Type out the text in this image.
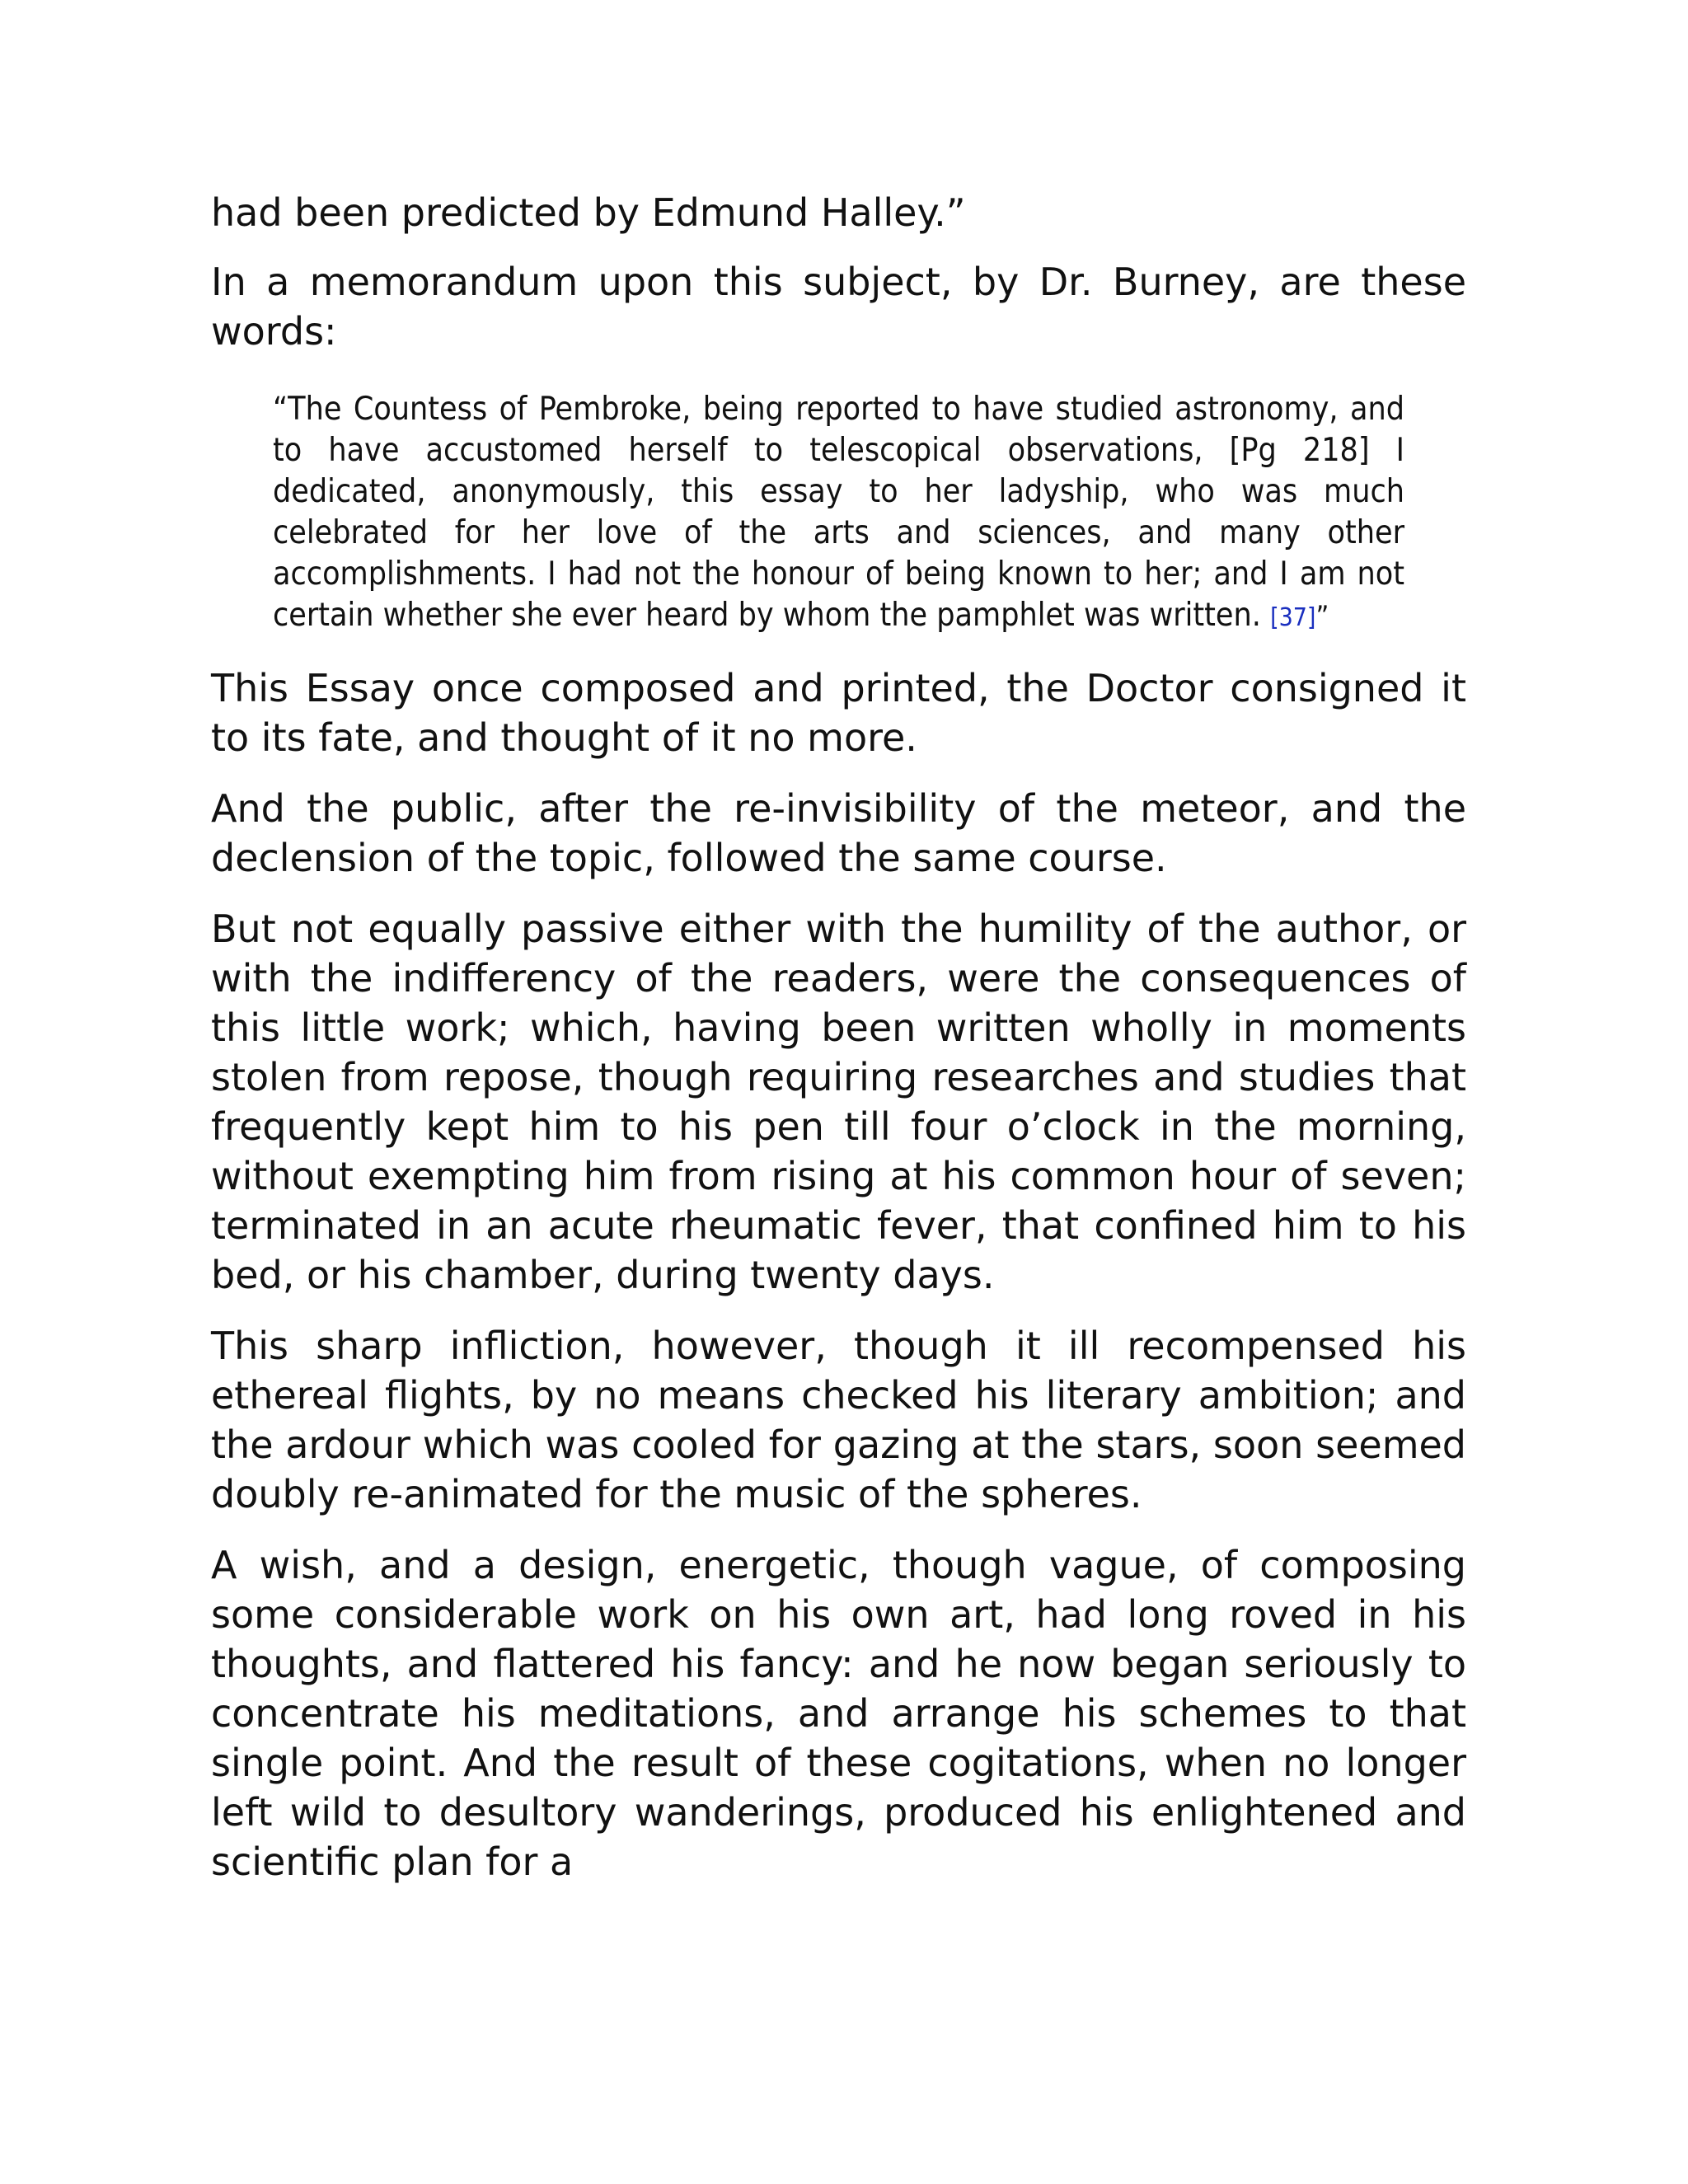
had been predicted by Edmund Halley.”

In a memorandum upon this subject, by Dr. Burney, are these words:

“The Countess of Pembroke, being reported to have studied astronomy, and to have accustomed herself to telescopical observations, [Pg 218] I dedicated, anonymously, this essay to her ladyship, who was much celebrated for her love of the arts and sciences, and many other accomplishments. I had not the honour of being known to her; and I am not certain whether she ever heard by whom the pamphlet was written. [37]”

This Essay once composed and printed, the Doctor consigned it to its fate, and thought of it no more.

And the public, after the re-invisibility of the meteor, and the declension of the topic, followed the same course.

But not equally passive either with the humility of the author, or with the indifferency of the readers, were the consequences of this little work; which, having been written wholly in moments stolen from repose, though requiring researches and studies that frequently kept him to his pen till four o’clock in the morning, without exempting him from rising at his common hour of seven; terminated in an acute rheumatic fever, that confined him to his bed, or his chamber, during twenty days.

This sharp infliction, however, though it ill recompensed his ethereal flights, by no means checked his literary ambition; and the ardour which was cooled for gazing at the stars, soon seemed doubly re-animated for the music of the spheres.

A wish, and a design, energetic, though vague, of composing some considerable work on his own art, had long roved in his thoughts, and flattered his fancy: and he now began seriously to concentrate his meditations, and arrange his schemes to that single point. And the result of these cogitations, when no longer left wild to desultory wanderings, produced his enlightened and scientific plan for a
